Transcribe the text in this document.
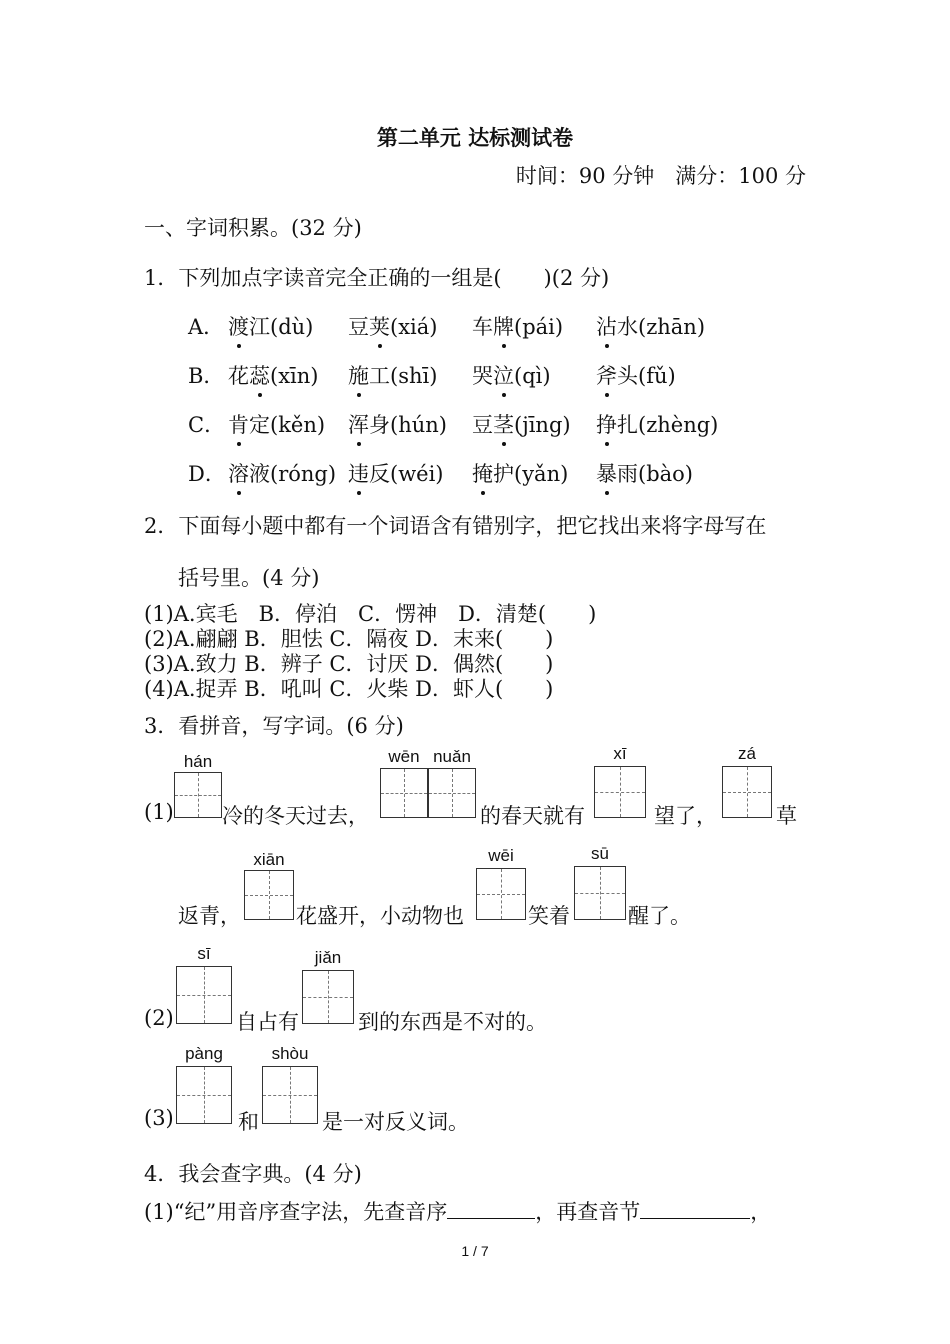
第二单元 达标测试卷
时间：90 分钟　满分：100 分
一、字词积累。(32 分)
1．下列加点字读音完全正确的一组是(　　)(2 分)
A． 渡江(dù) 豆荚(xiá) 车牌(pái) 沾水(zhān)
B． 花蕊(xīn) 施工(shī) 哭泣(qì) 斧头(fǔ)
C． 肯定(kěn) 浑身(hún) 豆茎(jīng) 挣扎(zhèng)
D． 溶液(róng) 违反(wéi) 掩护(yǎn) 暴雨(bào)
2．下面每小题中都有一个词语含有错别字，把它找出来将字母写在
括号里。(4 分)
(1)A.宾毛　B．停泊　C．愣神　D．清楚(　　)
(2)A.翩翩 B．胆怯 C．隔夜 D．末来(　　)
(3)A.致力 B．辨子 C．讨厌 D．偶然(　　)
(4)A.捉弄 B．吼叫 C．火柴 D．虾人(　　)
3．看拼音，写字词。(6 分)
(1)
hán
冷的冬天过去，
wēn nuǎn
的春天就有
xī
望了，
zá
草
返青，
xiān
花盛开，小动物也
wēi
笑着
sū
醒了。
(2)
sī
自占有
jiǎn
到的东西是不对的。
(3)
pàng
和
shòu
是一对反义词。
4．我会查字典。(4 分)
(1)“纪”用音序查字法，先查音序	，再查音节	，
1 / 7
